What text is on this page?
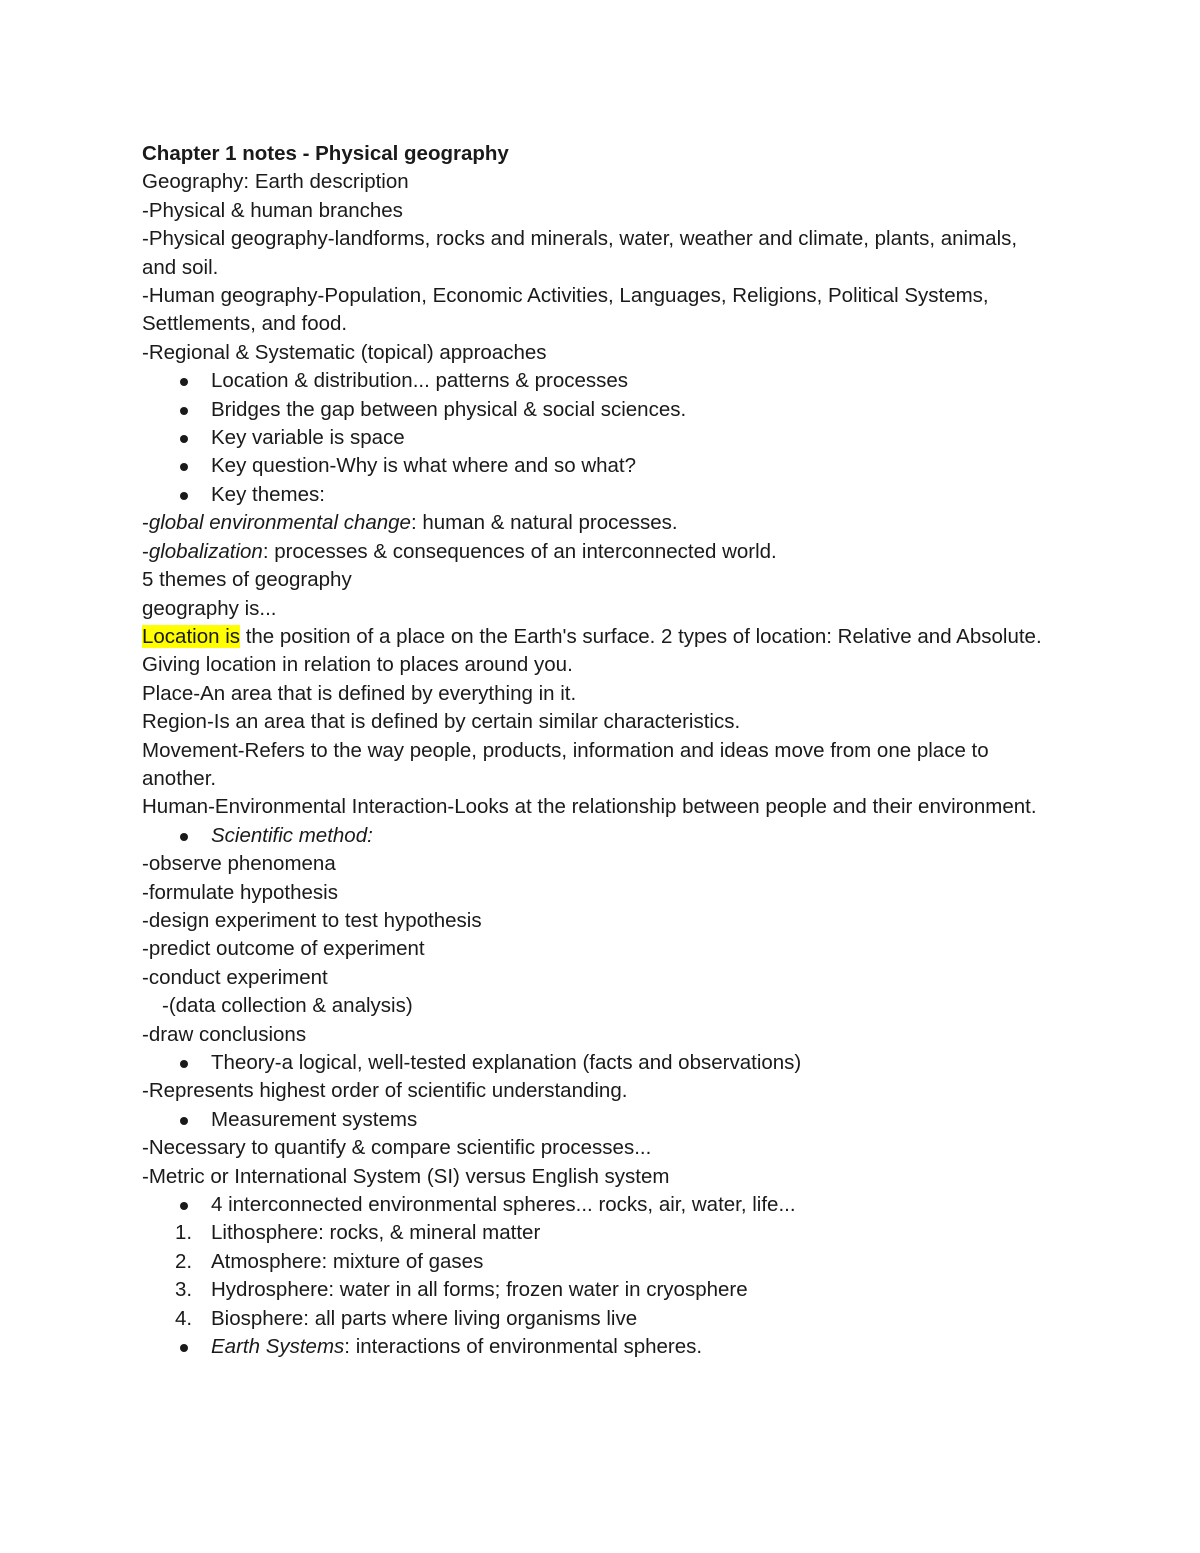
Chapter 1 notes - Physical geography

Geography: Earth description

-Physical & human branches

-Physical geography-landforms, rocks and minerals, water, weather and climate, plants, animals, and soil.

-Human geography-Population, Economic Activities, Languages, Religions, Political Systems, Settlements, and food.

-Regional & Systematic (topical) approaches

Location & distribution... patterns & processes
Bridges the gap between physical & social sciences.
Key variable is space
Key question-Why is what where and so what?
Key themes:

-global environmental change: human & natural processes.

-globalization: processes & consequences of an interconnected world.

5 themes of geography

geography is...

Location is the position of a place on the Earth's surface. 2 types of location: Relative and Absolute. Giving location in relation to places around you.

Place-An area that is defined by everything in it.

Region-Is an area that is defined by certain similar characteristics.

Movement-Refers to the way people, products, information and ideas move from one place to another.

Human-Environmental Interaction-Looks at the relationship between people and their environment.

Scientific method:

-observe phenomena

-formulate hypothesis

-design experiment to test hypothesis

-predict outcome of experiment

-conduct experiment

-(data collection & analysis)

-draw conclusions

Theory-a logical, well-tested explanation (facts and observations)

-Represents highest order of scientific understanding.

Measurement systems

-Necessary to quantify & compare scientific processes...

-Metric or International System (SI) versus English system

4 interconnected environmental spheres... rocks, air, water, life...
1. Lithosphere: rocks, & mineral matter
2. Atmosphere: mixture of gases
3. Hydrosphere: water in all forms; frozen water in cryosphere
4. Biosphere: all parts where living organisms live
Earth Systems: interactions of environmental spheres.
